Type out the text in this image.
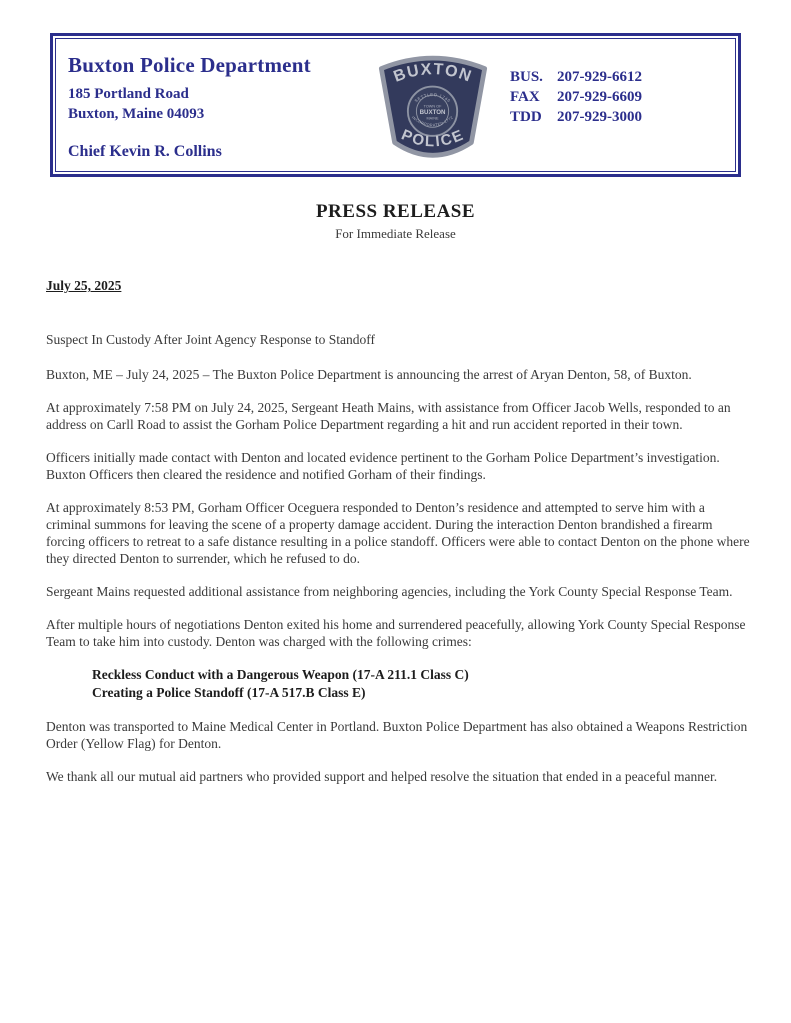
Buxton Police Department
185 Portland Road
Buxton, Maine 04093
Chief Kevin R. Collins
BUXTON
POLICE
SETTLED 1746
INCORPORATED 1772
TOWN OF
BUXTON
MAINE
BUS. 207-929-6612
FAX	207-929-6609
TDD	207-929-3000
PRESS RELEASE
For Immediate Release
July 25, 2025

Suspect In Custody After Joint Agency Response to Standoff

Buxton, ME – July 24, 2025 – The Buxton Police Department is announcing the arrest of Aryan Denton, 58, of Buxton.

At approximately 7:58 PM on July 24, 2025, Sergeant Heath Mains, with assistance from Officer Jacob Wells, responded to an address on Carll Road to assist the Gorham Police Department regarding a hit and run accident reported in their town.

Officers initially made contact with Denton and located evidence pertinent to the Gorham Police Department’s investigation. Buxton Officers then cleared the residence and notified Gorham of their findings.

At approximately 8:53 PM, Gorham Officer Oceguera responded to Denton’s residence and attempted to serve him with a criminal summons for leaving the scene of a property damage accident. During the interaction Denton brandished a firearm forcing officers to retreat to a safe distance resulting in a police standoff. Officers were able to contact Denton on the phone where they directed Denton to surrender, which he refused to do.

Sergeant Mains requested additional assistance from neighboring agencies, including the York County Special Response Team.

After multiple hours of negotiations Denton exited his home and surrendered peacefully, allowing York County Special Response Team to take him into custody. Denton was charged with the following crimes:

Reckless Conduct with a Dangerous Weapon (17-A 211.1 Class C)
Creating a Police Standoff (17-A 517.B Class E)

Denton was transported to Maine Medical Center in Portland. Buxton Police Department has also obtained a Weapons Restriction Order (Yellow Flag) for Denton.

We thank all our mutual aid partners who provided support and helped resolve the situation that ended in a peaceful manner.
